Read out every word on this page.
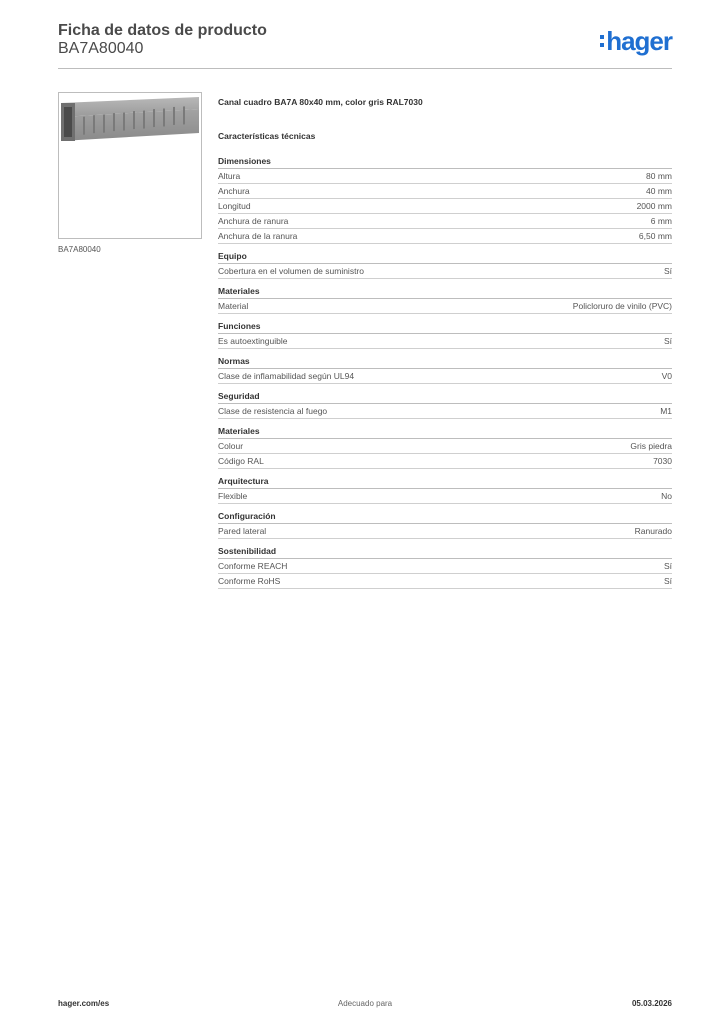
Ficha de datos de producto
BA7A80040	hager
BA7A80040
Canal cuadro BA7A 80x40 mm, color gris RAL7030
Características técnicas
Dimensiones
Altura	80 mm
Anchura	40 mm
Longitud	2000 mm
Anchura de ranura	6 mm
Anchura de la ranura	6,50 mm
Equipo
Cobertura en el volumen de suministro	Sí
Materiales
Material	Policloruro de vinilo (PVC)
Funciones
Es autoextinguible	Sí
Normas
Clase de inflamabilidad según UL94	V0
Seguridad
Clase de resistencia al fuego	M1
Materiales
Colour	Gris piedra
Código RAL	7030
Arquitectura
Flexible	No
Configuración
Pared lateral	Ranurado
Sostenibilidad
Conforme REACH	Sí
Conforme RoHS	Sí
hager.com/es	Adecuado para	05.03.2026
